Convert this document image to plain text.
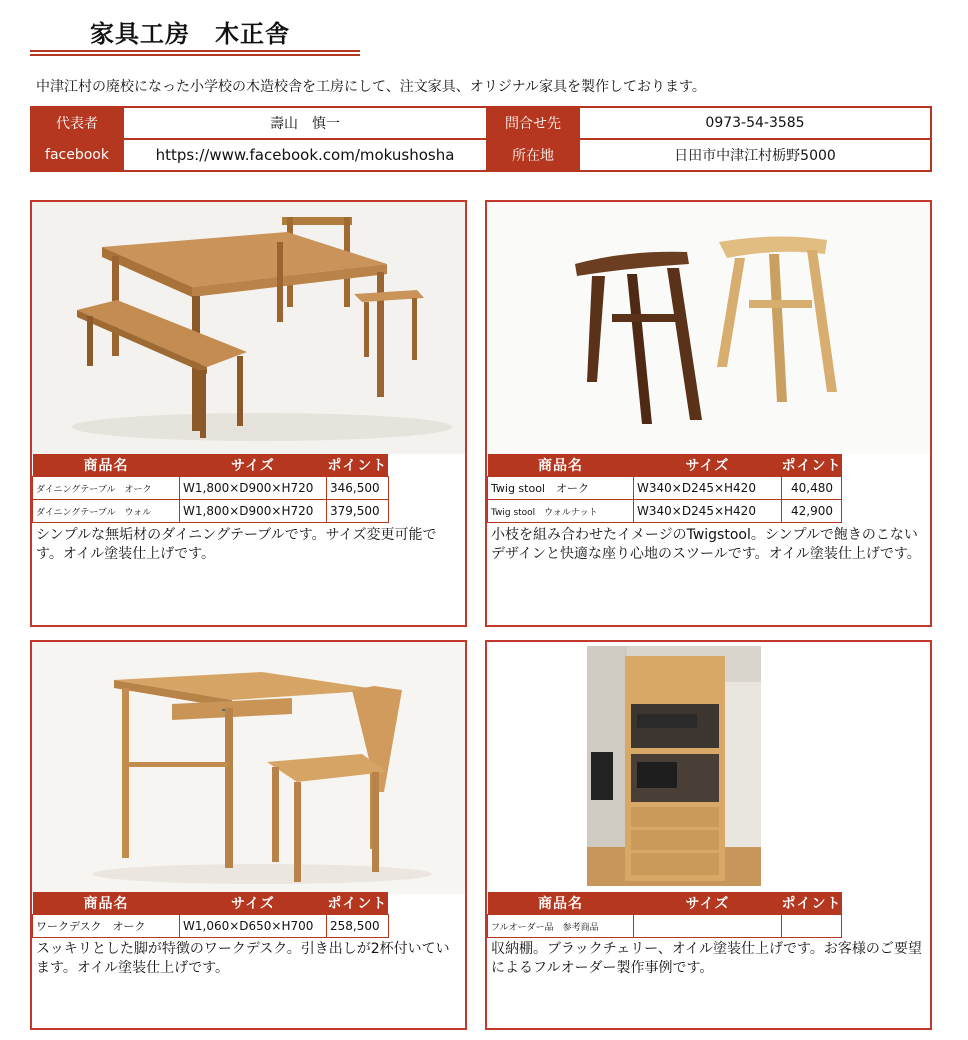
家具工房　木正舎
中津江村の廃校になった小学校の木造校舎を工房にして、注文家具、オリジナル家具を製作しております。
代表者	壽山　慎一	問合せ先	0973-54-3585
facebook	https://www.facebook.com/mokushosha	所在地	日田市中津江村栃野5000
商品名	サイズ	ポイント
ダイニングテーブル　オーク	W1,800×D900×H720	346,500
ダイニングテーブル　ウォル	W1,800×D900×H720	379,500
シンプルな無垢材のダイニングテーブルです。サイズ変更可能です。オイル塗装仕上げです。
商品名	サイズ	ポイント
Twig stool　オーク	W340×D245×H420	40,480
Twig stool　ウォルナット	W340×D245×H420	42,900
小枝を組み合わせたイメージのTwigstool。シンプルで飽きのこないデザインと快適な座り心地のスツールです。オイル塗装仕上げです。
商品名	サイズ	ポイント
ワークデスク　オーク	W1,060×D650×H700	258,500
スッキリとした脚が特徴のワークデスク。引き出しが2杯付いています。オイル塗装仕上げです。
商品名	サイズ	ポイント
フルオーダー品　参考商品		
収納棚。ブラックチェリー、オイル塗装仕上げです。お客様のご要望によるフルオーダー製作事例です。
